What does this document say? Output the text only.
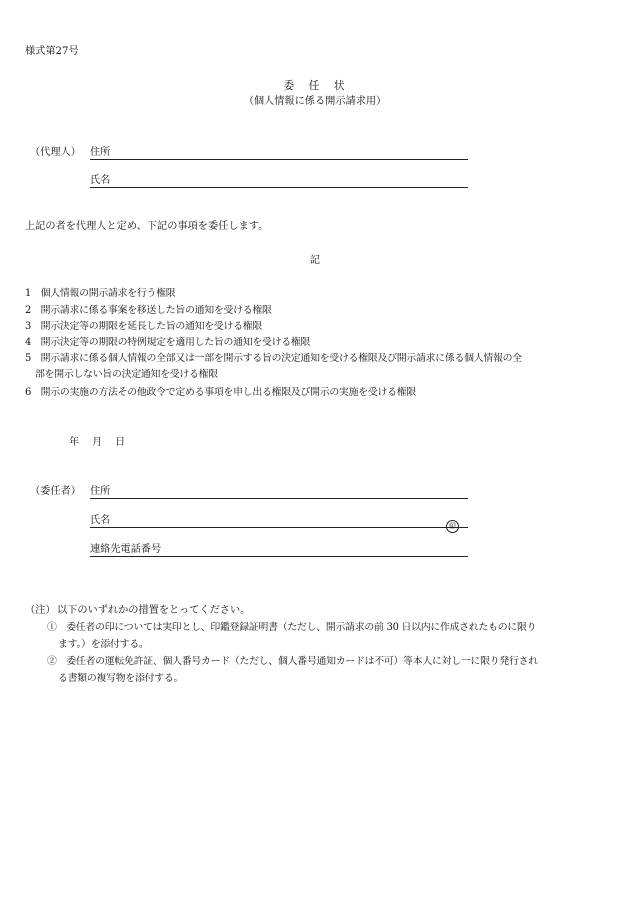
様式第27号
委　任　状
（個人情報に係る開示請求用）
（代理人） 住所
氏名
上記の者を代理人と定め、下記の事項を委任します。
記
1　個人情報の開示請求を行う権限
2　開示請求に係る事案を移送した旨の通知を受ける権限
3　開示決定等の期限を延長した旨の通知を受ける権限
4　開示決定等の期限の特例規定を適用した旨の通知を受ける権限
5　開示請求に係る個人情報の全部又は一部を開示する旨の決定通知を受ける権限及び開示請求に係る個人情報の全
部を開示しない旨の決定通知を受ける権限
6　開示の実施の方法その他政令で定める事項を申し出る権限及び開示の実施を受ける権限
年 月 日
（委任者） 住所
氏名	㊞
連絡先電話番号
（注） 以下のいずれかの措置をとってください。
①　委任者の印については実印とし、印鑑登録証明書（ただし、開示請求の前 30 日以内に作成されたものに限り
ます。）を添付する。
②　委任者の運転免許証、個人番号カード（ただし、個人番号通知カードは不可）等本人に対し一に限り発行され
る書類の複写物を添付する。
